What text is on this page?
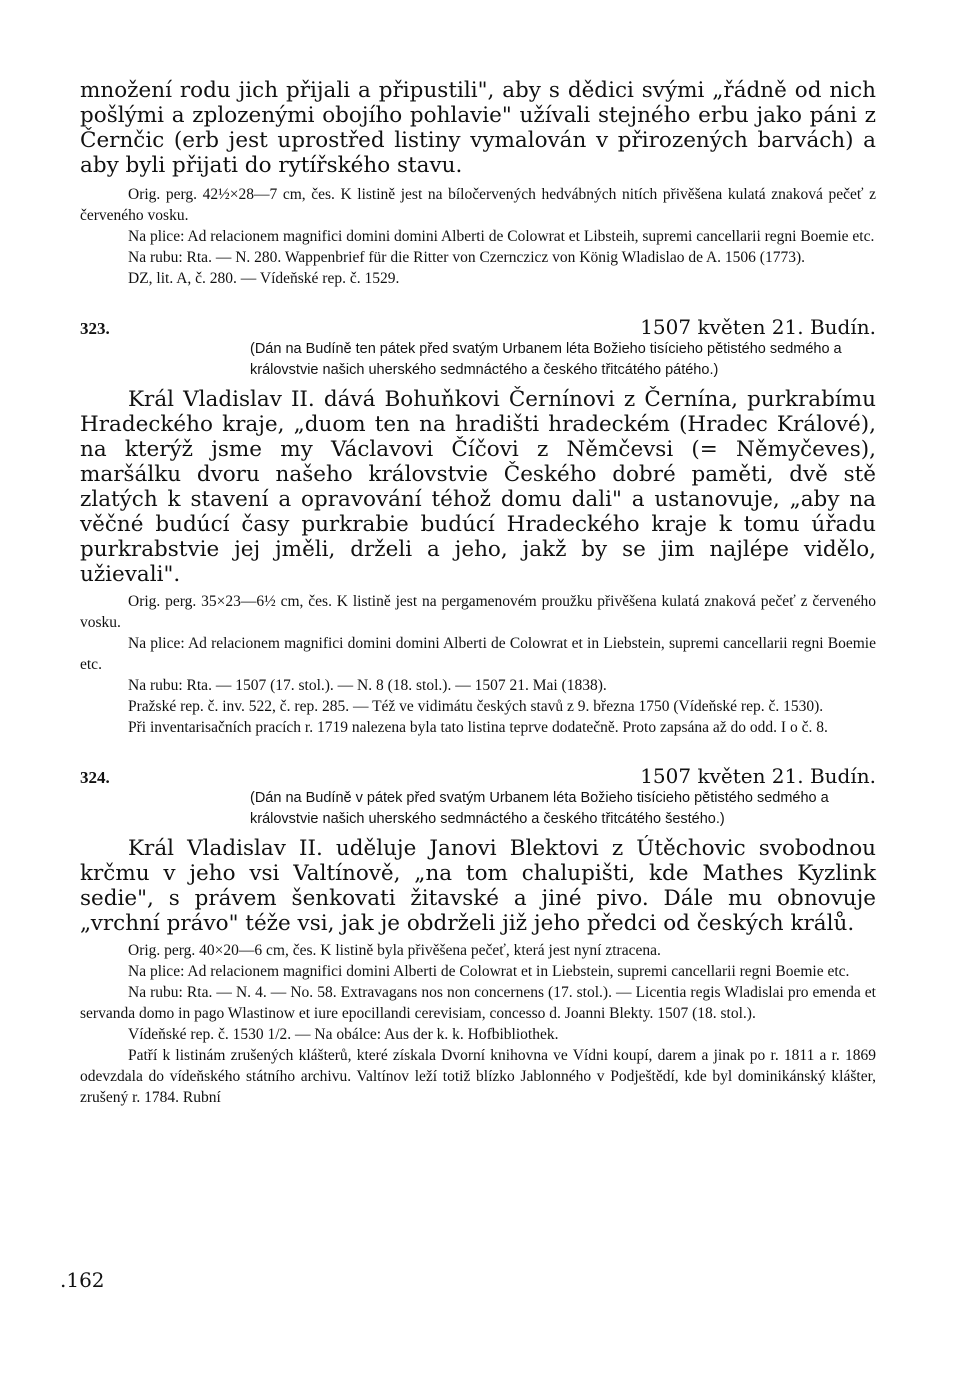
množení rodu jich přijali a připustili", aby s dědici svými „řádně od nich pošlými a zplozenými obojího pohlavie" užívali stejného erbu jako páni z Černčic (erb jest uprostřed listiny vymalován v přirozených barvách) a aby byli přijati do rytířského stavu.

Orig. perg. 42½×28—7 cm, čes. K listině jest na bíločervených hedvábných nitích přivěšena kulatá znaková pečeť z červeného vosku.

Na plice: Ad relacionem magnifici domini domini Alberti de Colowrat et Libsteih, supremi cancellarii regni Boemie etc.

Na rubu: Rta. — N. 280. Wappenbrief für die Ritter von Czernczicz von König Wladislao de A. 1506 (1773).

DZ, lit. A, č. 280. — Vídeňské rep. č. 1529.

323.	1507 květen 21. Budín.

(Dán na Budíně ten pátek před svatým Urbanem léta Božieho tisícieho pětistého sedmého a královstvie našich uherského sedmnáctého a českého třitcátého pátého.)

Král Vladislav II. dává Bohuňkovi Černínovi z Černína, purkrabímu Hradeckého kraje, „duom ten na hradišti hradeckém (Hradec Králové), na kterýž jsme my Václavovi Číčovi z Němčevsi (= Němyčeves), maršálku dvoru našeho královstvie Českého dobré paměti, dvě stě zlatých k stavení a opravování téhož domu dali" a ustanovuje, „aby na věčné budúcí časy purkrabie budúcí Hradeckého kraje k tomu úřadu purkrabstvie jej jměli, drželi a jeho, jakž by se jim najlépe vidělo, užievali".

Orig. perg. 35×23—6½ cm, čes. K listině jest na pergamenovém proužku přivěšena kulatá znaková pečeť z červeného vosku.

Na plice: Ad relacionem magnifici domini domini Alberti de Colowrat et in Liebstein, supremi cancellarii regni Boemie etc.

Na rubu: Rta. — 1507 (17. stol.). — N. 8 (18. stol.). — 1507 21. Mai (1838).

Pražské rep. č. inv. 522, č. rep. 285. — Též ve vidimátu českých stavů z 9. března 1750 (Vídeňské rep. č. 1530).

Při inventarisačních pracích r. 1719 nalezena byla tato listina teprve dodatečně. Proto zapsána až do odd. I o č. 8.

324.	1507 květen 21. Budín.

(Dán na Budíně v pátek před svatým Urbanem léta Božieho tisícieho pětistého sedmého a královstvie našich uherského sedmnáctého a českého třitcátého šestého.)

Král Vladislav II. uděluje Janovi Blektovi z Útěchovic svobodnou krčmu v jeho vsi Valtínově, „na tom chalupišti, kde Mathes Kyzlink sedie", s právem šenkovati žitavské a jiné pivo. Dále mu obnovuje „vrchní právo" téže vsi, jak je obdrželi již jeho předci od českých králů.

Orig. perg. 40×20—6 cm, čes. K listině byla přivěšena pečeť, která jest nyní ztracena.

Na plice: Ad relacionem magnifici domini Alberti de Colowrat et in Liebstein, supremi cancellarii regni Boemie etc.

Na rubu: Rta. — N. 4. — No. 58. Extravagans nos non concernens (17. stol.). — Licentia regis Wladislai pro emenda et servanda domo in pago Wlastinow et iure epocillandi cerevisiam, concesso d. Joanni Blekty. 1507 (18. stol.).

Vídeňské rep. č. 1530 1/2. — Na obálce: Aus der k. k. Hofbibliothek.

Patří k listinám zrušených klášterů, které získala Dvorní knihovna ve Vídni koupí, darem a jinak po r. 1811 a r. 1869 odevzdala do vídeňského státního archivu. Valtínov leží totiž blízko Jablonného v Podještědí, kde byl dominikánský klášter, zrušený r. 1784. Rubní

.162
